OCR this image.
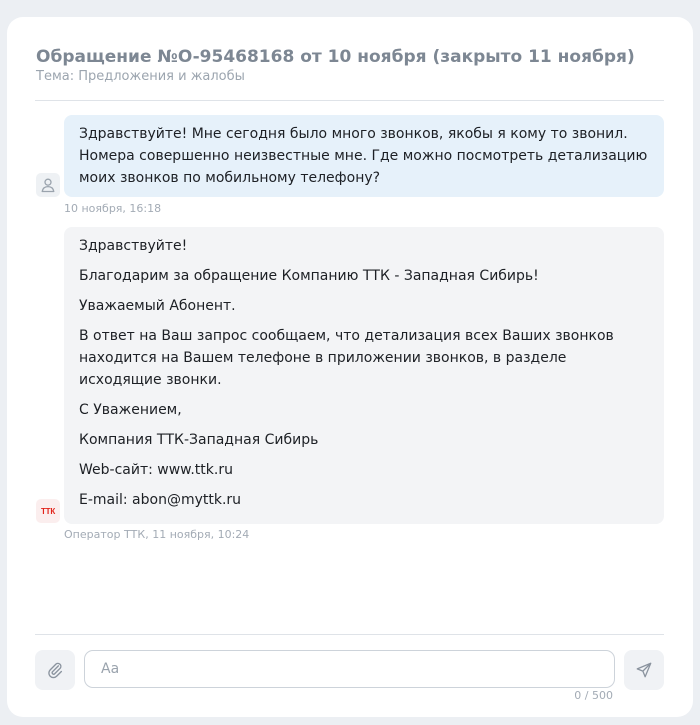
Обращение №O-95468168 от 10 ноября (закрыто 11 ноября)
Тема: Предложения и жалобы

Здравствуйте! Мне сегодня было много звонков, якобы я кому то звонил.

Номера совершенно неизвестные мне. Где можно посмотреть детализацию

моих звонков по мобильному телефону?

10 ноября, 16:18

Здравствуйте!

Благодарим за обращение Компанию ТТК - Западная Сибирь!

Уважаемый Абонент.

В ответ на Ваш запрос сообщаем, что детализация всех Ваших звонков находится на Вашем телефоне в приложении звонков, в разделе исходящие звонки.

С Уважением,

Компания ТТК-Западная Сибирь

Web-сайт: www.ttk.ru

E-mail: abon@myttk.ru

ТТК
Оператор ТТК, 11 ноября, 10:24
Aa
0 / 500
